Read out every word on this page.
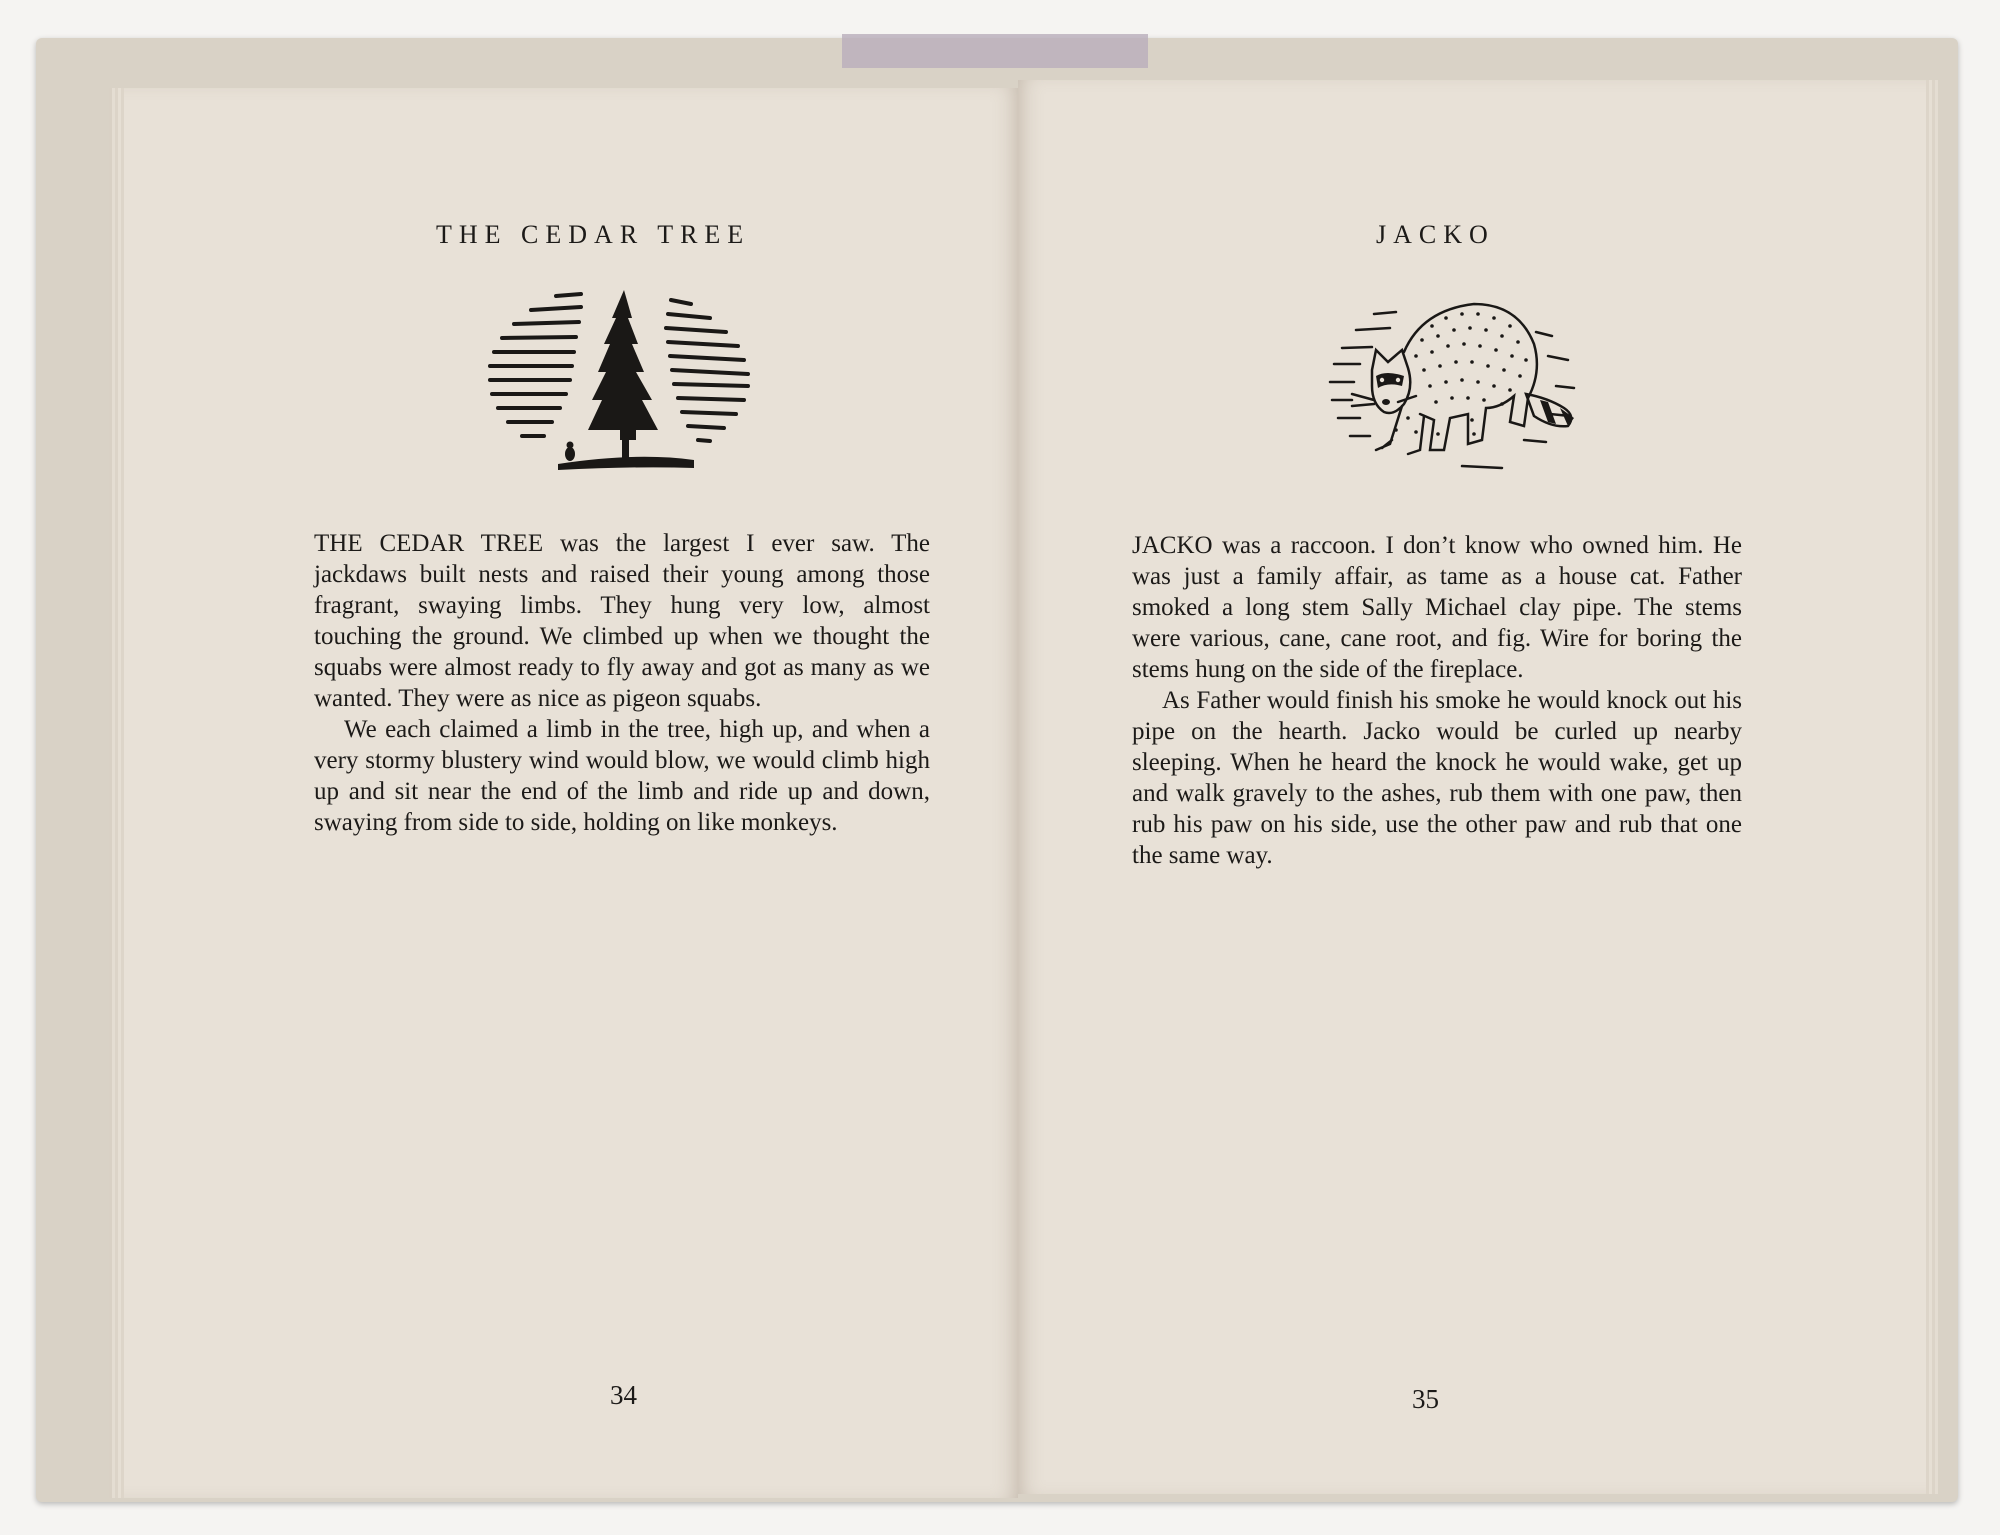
THE CEDAR TREE

THE CEDAR TREE was the largest I ever saw. The jackdaws built nests and raised their young among those fragrant, swaying limbs. They hung very low, almost touching the ground. We climbed up when we thought the squabs were almost ready to fly away and got as many as we wanted. They were as nice as pigeon squabs.

We each claimed a limb in the tree, high up, and when a very stormy blustery wind would blow, we would climb high up and sit near the end of the limb and ride up and down, swaying from side to side, holding on like monkeys.

34
JACKO

JACKO was a raccoon. I don’t know who owned him. He was just a family affair, as tame as a house cat. Father smoked a long stem Sally Michael clay pipe. The stems were various, cane, cane root, and fig. Wire for boring the stems hung on the side of the fireplace.

As Father would finish his smoke he would knock out his pipe on the hearth. Jacko would be curled up nearby sleeping. When he heard the knock he would wake, get up and walk gravely to the ashes, rub them with one paw, then rub his paw on his side, use the other paw and rub that one the same way.

35
